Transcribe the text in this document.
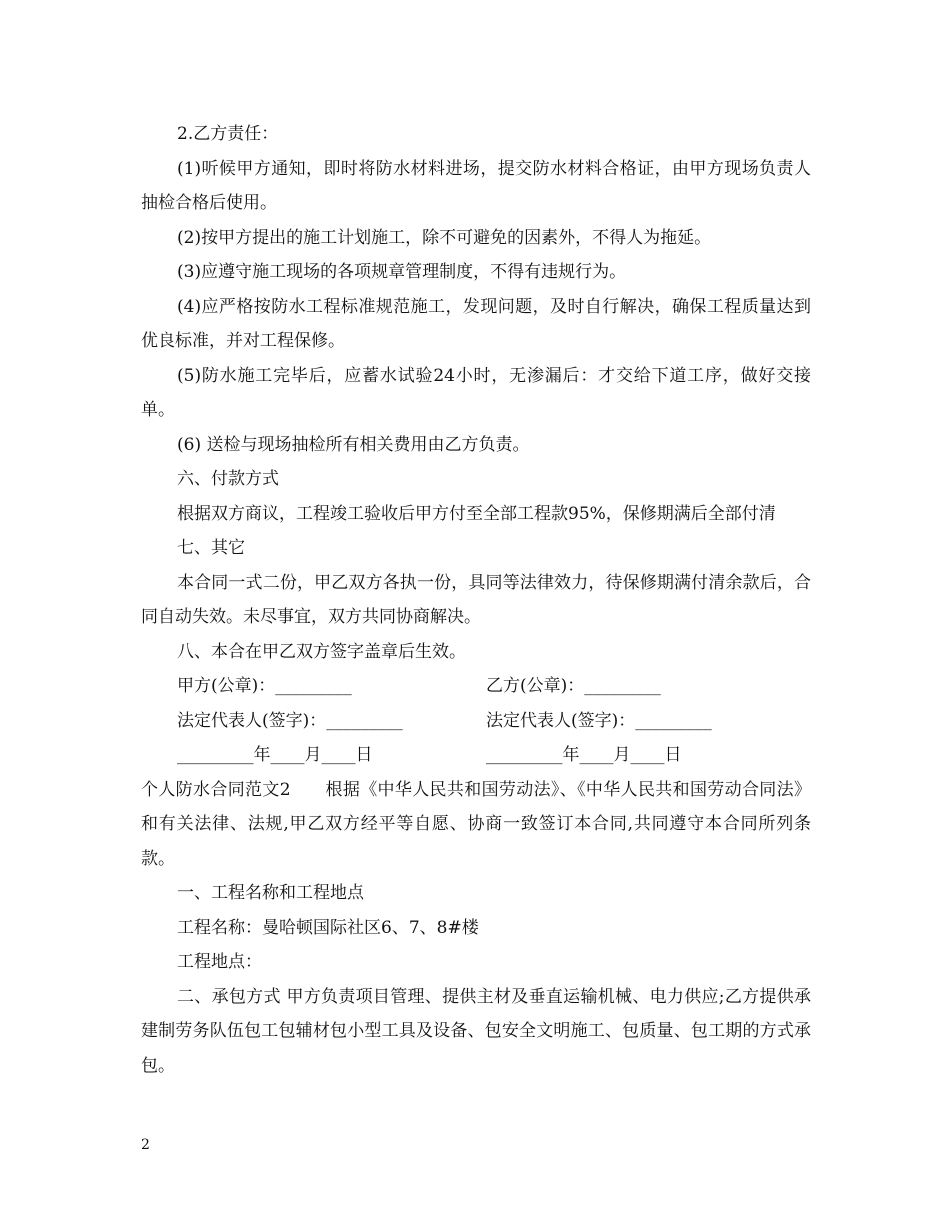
2.乙方责任：

(1)听候甲方通知，即时将防水材料进场，提交防水材料合格证，由甲方现场负责人抽检合格后使用。

(2)按甲方提出的施工计划施工，除不可避免的因素外，不得人为拖延。

(3)应遵守施工现场的各项规章管理制度，不得有违规行为。

(4)应严格按防水工程标准规范施工，发现问题，及时自行解决，确保工程质量达到优良标准，并对工程保修。

(5)防水施工完毕后，应蓄水试验24小时，无渗漏后：才交给下道工序，做好交接单。

(6) 送检与现场抽检所有相关费用由乙方负责。

六、付款方式

根据双方商议，工程竣工验收后甲方付至全部工程款95%，保修期满后全部付清

七、其它

本合同一式二份，甲乙双方各执一份，具同等法律效力，待保修期满付清余款后，合同自动失效。未尽事宜，双方共同协商解决。

八、本合在甲乙双方签字盖章后生效。

甲方(公章)：_________	乙方(公章)：_________
法定代表人(签字)：_________	法定代表人(签字)：_________
_________年____月____日	_________年____月____日

个人防水合同范文2　　根据《中华人民共和国劳动法》、《中华人民共和国劳动合同法》和有关法律、法规,甲乙双方经平等自愿、协商一致签订本合同,共同遵守本合同所列条款。

一、工程名称和工程地点

工程名称：曼哈顿国际社区6、7、8#楼

工程地点：

二、承包方式 甲方负责项目管理、提供主材及垂直运输机械、电力供应;乙方提供承建制劳务队伍包工包辅材包小型工具及设备、包安全文明施工、包质量、包工期的方式承包。

2
